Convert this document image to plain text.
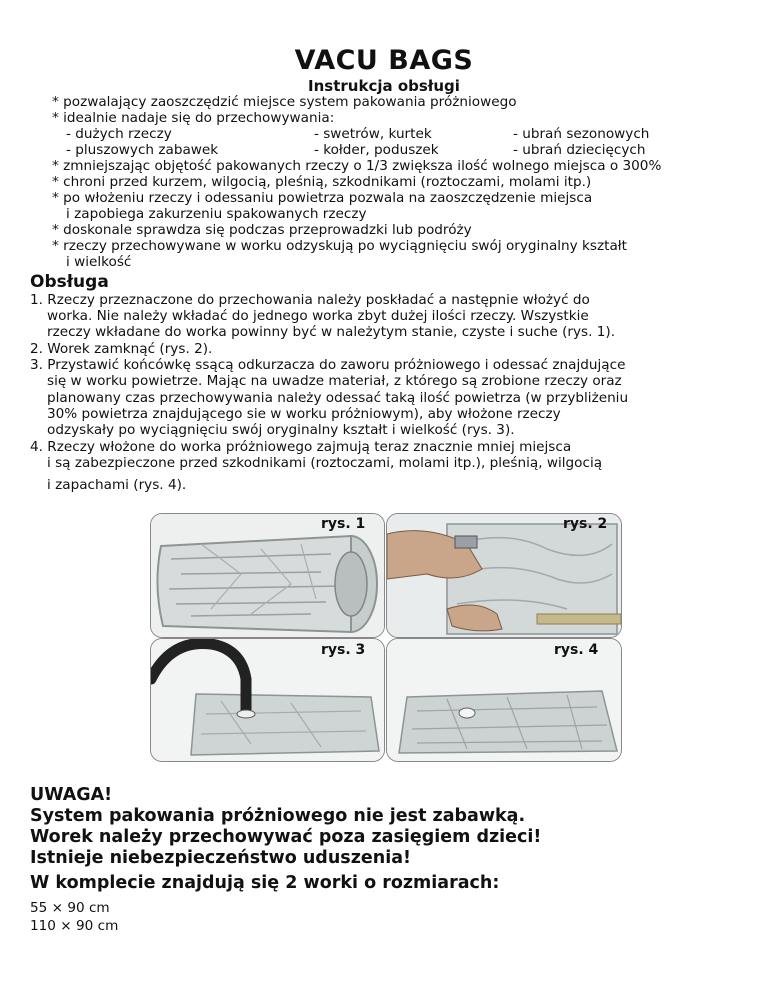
VACU BAGS
Instrukcja obsługi
* pozwalający zaoszczędzić miejsce system pakowania próżniowego
* idealnie nadaje się do przechowywania:
- dużych rzeczy	- swetrów, kurtek	- ubrań sezonowych
- pluszowych zabawek	- kołder, poduszek	- ubrań dziecięcych
* zmniejszając objętość pakowanych rzeczy o 1/3 zwiększa ilość wolnego miejsca o 300%
* chroni przed kurzem, wilgocią, pleśnią, szkodnikami (roztoczami, molami itp.)
* po włożeniu rzeczy i odessaniu powietrza pozwala na zaoszczędzenie miejsca
i zapobiega zakurzeniu spakowanych rzeczy
* doskonale sprawdza się podczas przeprowadzki lub podróży
* rzeczy przechowywane w worku odzyskują po wyciągnięciu swój oryginalny kształt
i wielkość
Obsługa
1. Rzeczy przeznaczone do przechowania należy poskładać a następnie włożyć do
worka. Nie należy wkładać do jednego worka zbyt dużej ilości rzeczy. Wszystkie
rzeczy wkładane do worka powinny być w należytym stanie, czyste i suche (rys. 1).
2. Worek zamknąć (rys. 2).
3. Przystawić końcówkę ssącą odkurzacza do zaworu próżniowego i odessać znajdujące
się w worku powietrze. Mając na uwadze materiał, z którego są zrobione rzeczy oraz
planowany czas przechowywania należy odessać taką ilość powietrza (w przybliżeniu
30% powietrza znajdującego sie w worku próżniowym), aby włożone rzeczy
odzyskały po wyciągnięciu swój oryginalny kształt i wielkość (rys. 3).
4. Rzeczy włożone do worka próżniowego zajmują teraz znacznie mniej miejsca
i są zabezpieczone przed szkodnikami (roztoczami, molami itp.), pleśnią, wilgocią
i zapachami (rys. 4).
rys. 1	rys. 2
rys. 3	rys. 4
UWAGA!
System pakowania próżniowego nie jest zabawką.
Worek należy przechowywać poza zasięgiem dzieci!
Istnieje niebezpieczeństwo uduszenia!
W komplecie znajdują się 2 worki o rozmiarach:
55 × 90 cm
110 × 90 cm
